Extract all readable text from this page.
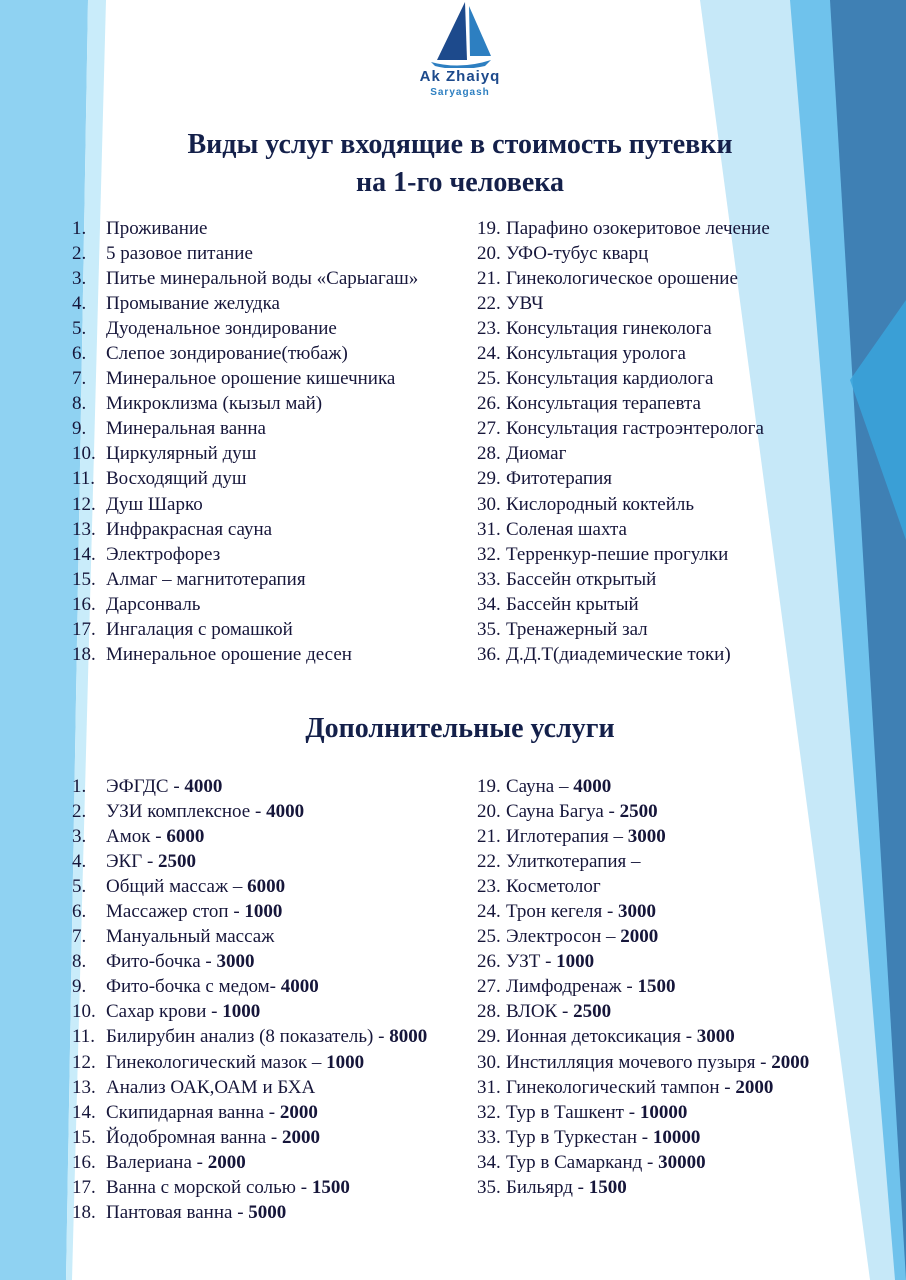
Ak Zhaiyq
Saryagash
Виды услуг входящие в стоимость путевки
на 1-го человека
1. Проживание
2. 5 разовое питание
3. Питье минеральной воды «Сарыагаш»
4. Промывание желудка
5. Дуоденальное зондирование
6. Слепое зондирование(тюбаж)
7. Минеральное орошение кишечника
8. Микроклизма (кызыл май)
9. Минеральная ванна
10. Циркулярный душ
11. Восходящий душ
12. Душ Шарко
13. Инфракрасная сауна
14. Электрофорез
15. Алмаг – магнитотерапия
16. Дарсонваль
17. Ингалация с ромашкой
18. Минеральное орошение десен
19. Парафино озокеритовое лечение
20. УФО-тубус кварц
21. Гинекологическое орошение
22. УВЧ
23. Консультация гинеколога
24. Консультация уролога
25. Консультация кардиолога
26. Консультация терапевта
27. Консультация гастроэнтеролога
28. Диомаг
29. Фитотерапия
30. Кислородный коктейль
31. Соленая шахта
32. Терренкур-пешие прогулки
33. Бассейн открытый
34. Бассейн крытый
35. Тренажерный зал
36. Д.Д.Т(диадемические токи)
Дополнительные услуги
1. ЭФГДС - 4000
2. УЗИ комплексное - 4000
3. Амок - 6000
4. ЭКГ - 2500
5. Общий массаж – 6000
6. Массажер стоп - 1000
7. Мануальный массаж
8. Фито-бочка - 3000
9. Фито-бочка с медом- 4000
10. Сахар крови - 1000
11. Билирубин анализ (8 показатель) - 8000
12. Гинекологический мазок – 1000
13. Анализ ОАК,ОАМ и БХА
14. Скипидарная ванна - 2000
15. Йодобромная ванна - 2000
16. Валериана - 2000
17. Ванна с морской солью - 1500
18. Пантовая ванна - 5000
19. Сауна – 4000
20. Сауна Багуа - 2500
21. Иглотерапия – 3000
22. Улиткотерапия –
23. Косметолог
24. Трон кегеля - 3000
25. Электросон – 2000
26. УЗТ - 1000
27. Лимфодренаж - 1500
28. ВЛОК - 2500
29. Ионная детоксикация - 3000
30. Инстилляция мочевого пузыря - 2000
31. Гинекологический тампон - 2000
32. Тур в Ташкент - 10000
33. Тур в Туркестан - 10000
34. Тур в Самарканд - 30000
35. Бильярд - 1500
